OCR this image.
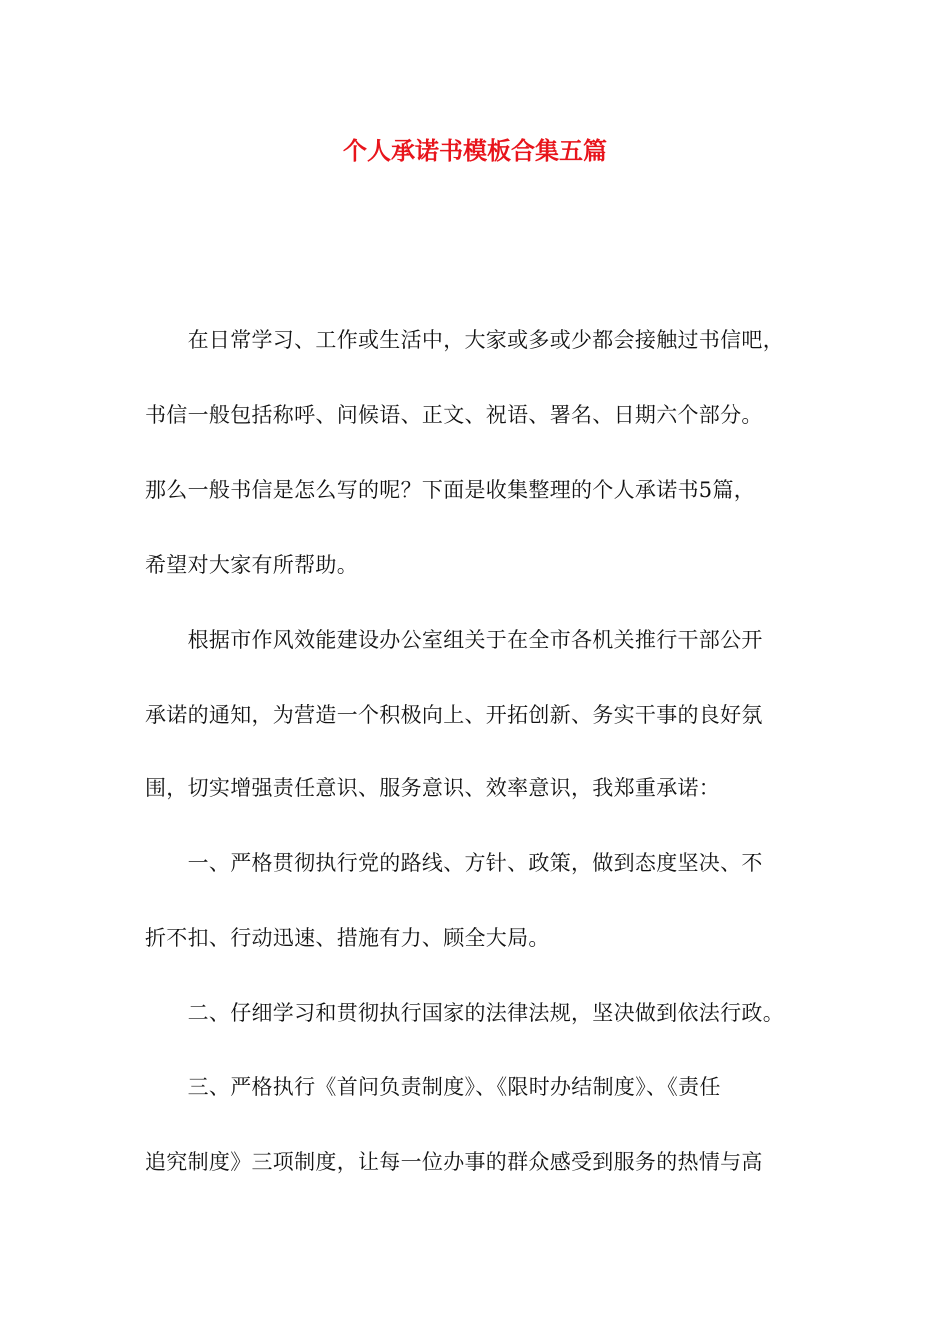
个人承诺书模板合集五篇
　　在日常学习、工作或生活中，大家或多或少都会接触过书信吧，
书信一般包括称呼、问候语、正文、祝语、署名、日期六个部分。
那么一般书信是怎么写的呢？下面是收集整理的个人承诺书5篇，
希望对大家有所帮助。
　　根据市作风效能建设办公室组关于在全市各机关推行干部公开
承诺的通知，为营造一个积极向上、开拓创新、务实干事的良好氛
围，切实增强责任意识、服务意识、效率意识，我郑重承诺：
　　一、严格贯彻执行党的路线、方针、政策，做到态度坚决、不
折不扣、行动迅速、措施有力、顾全大局。
　　二、仔细学习和贯彻执行国家的法律法规，坚决做到依法行政。
　　三、严格执行《首问负责制度》、《限时办结制度》、《责任
追究制度》三项制度，让每一位办事的群众感受到服务的热情与高
